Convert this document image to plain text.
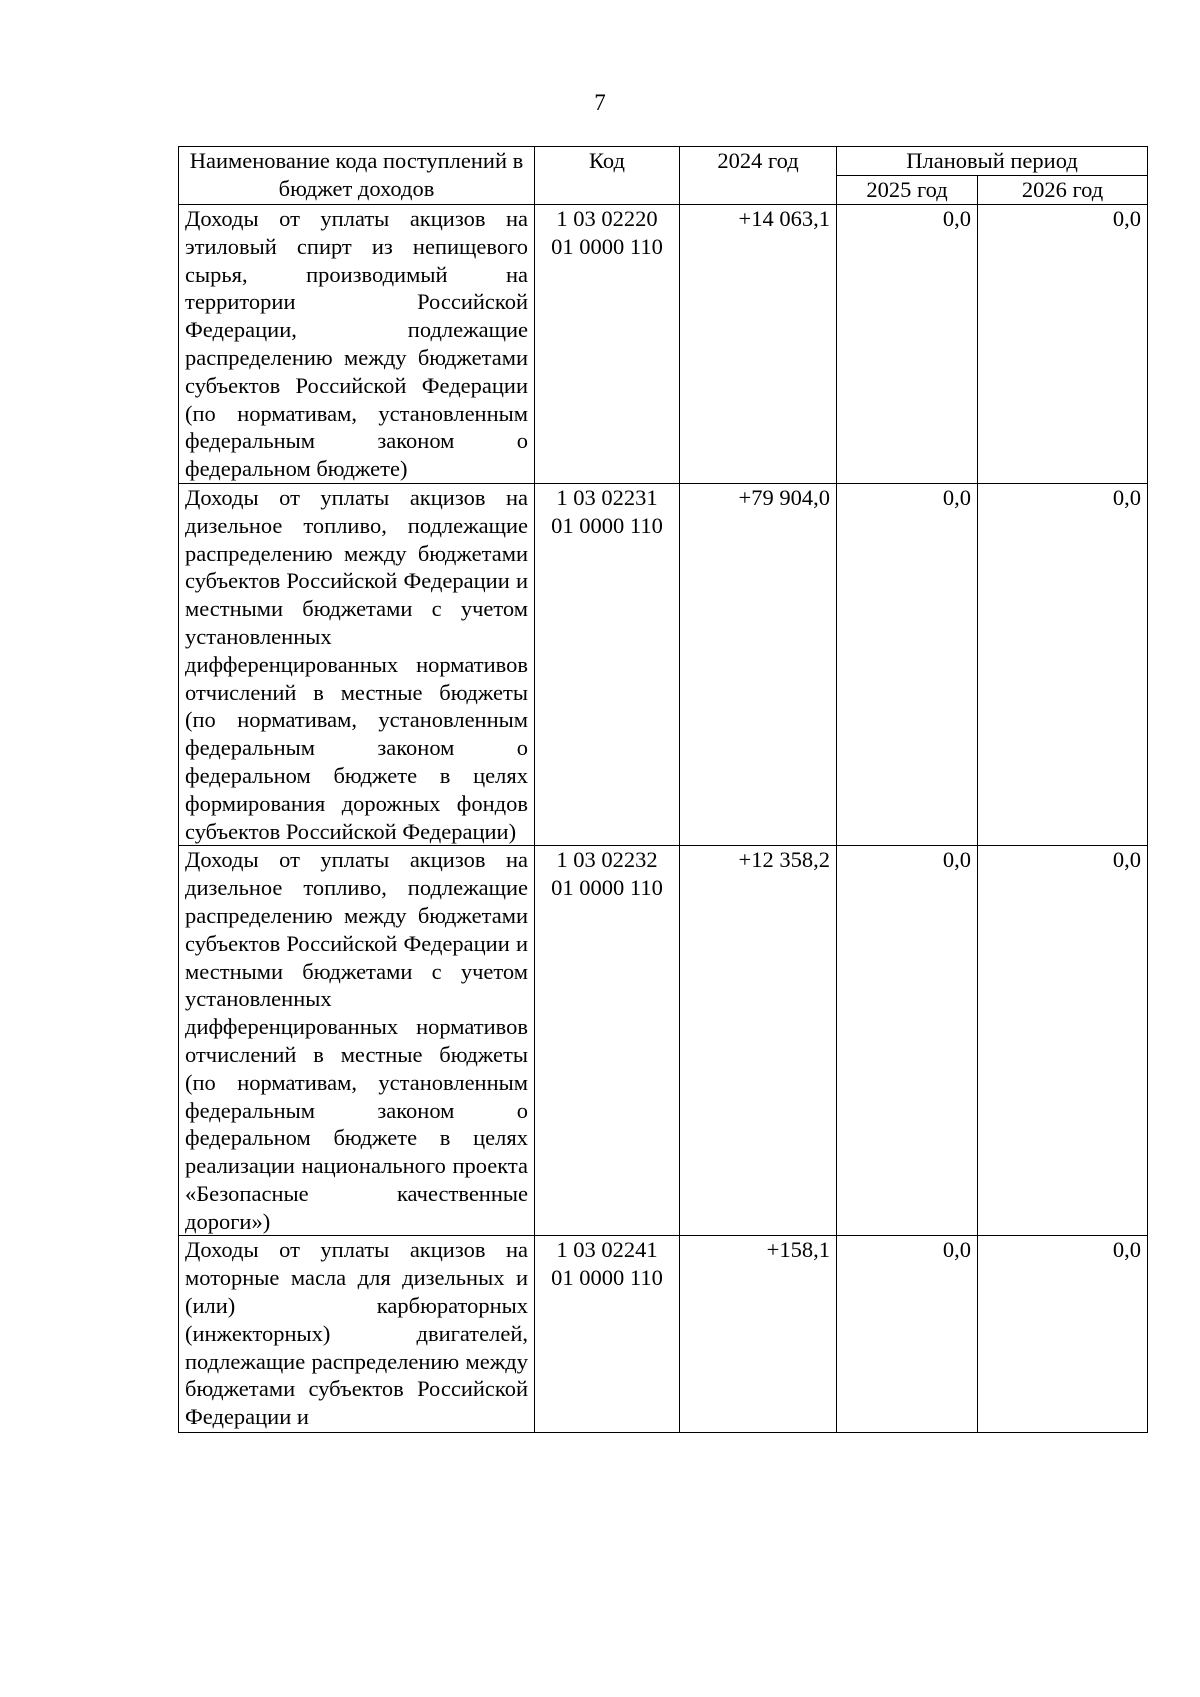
7
Наименование кода поступлений в бюджет доходов	Код	2024 год	Плановый период	
			2025 год	2026 год
Доходы от уплаты акцизов на этиловый спирт из непищевого сырья, производимый на территории Российской Федерации, подлежащие распределению между бюджетами субъектов Российской Федерации (по нормативам, установленным федеральным законом о федеральном бюджете)	1 03 02220
01 0000 110	+14 063,1	0,0	0,0
Доходы от уплаты акцизов на дизельное топливо, подлежащие распределению между бюджетами субъектов Российской Федерации и местными бюджетами с учетом установленных дифференцированных нормативов отчислений в местные бюджеты (по нормативам, установленным федеральным законом о федеральном бюджете в целях формирования дорожных фондов субъектов Российской Федерации)	1 03 02231
01 0000 110	+79 904,0	0,0	0,0
Доходы от уплаты акцизов на дизельное топливо, подлежащие распределению между бюджетами субъектов Российской Федерации и местными бюджетами с учетом установленных дифференцированных нормативов отчислений в местные бюджеты (по нормативам, установленным федеральным законом о федеральном бюджете в целях реализации национального проекта «Безопасные качественные дороги»)	1 03 02232
01 0000 110	+12 358,2	0,0	0,0
Доходы от уплаты акцизов на моторные масла для дизельных и (или) карбюраторных (инжекторных) двигателей, подлежащие распределению между бюджетами субъектов Российской Федерации и	1 03 02241
01 0000 110	+158,1	0,0	0,0
